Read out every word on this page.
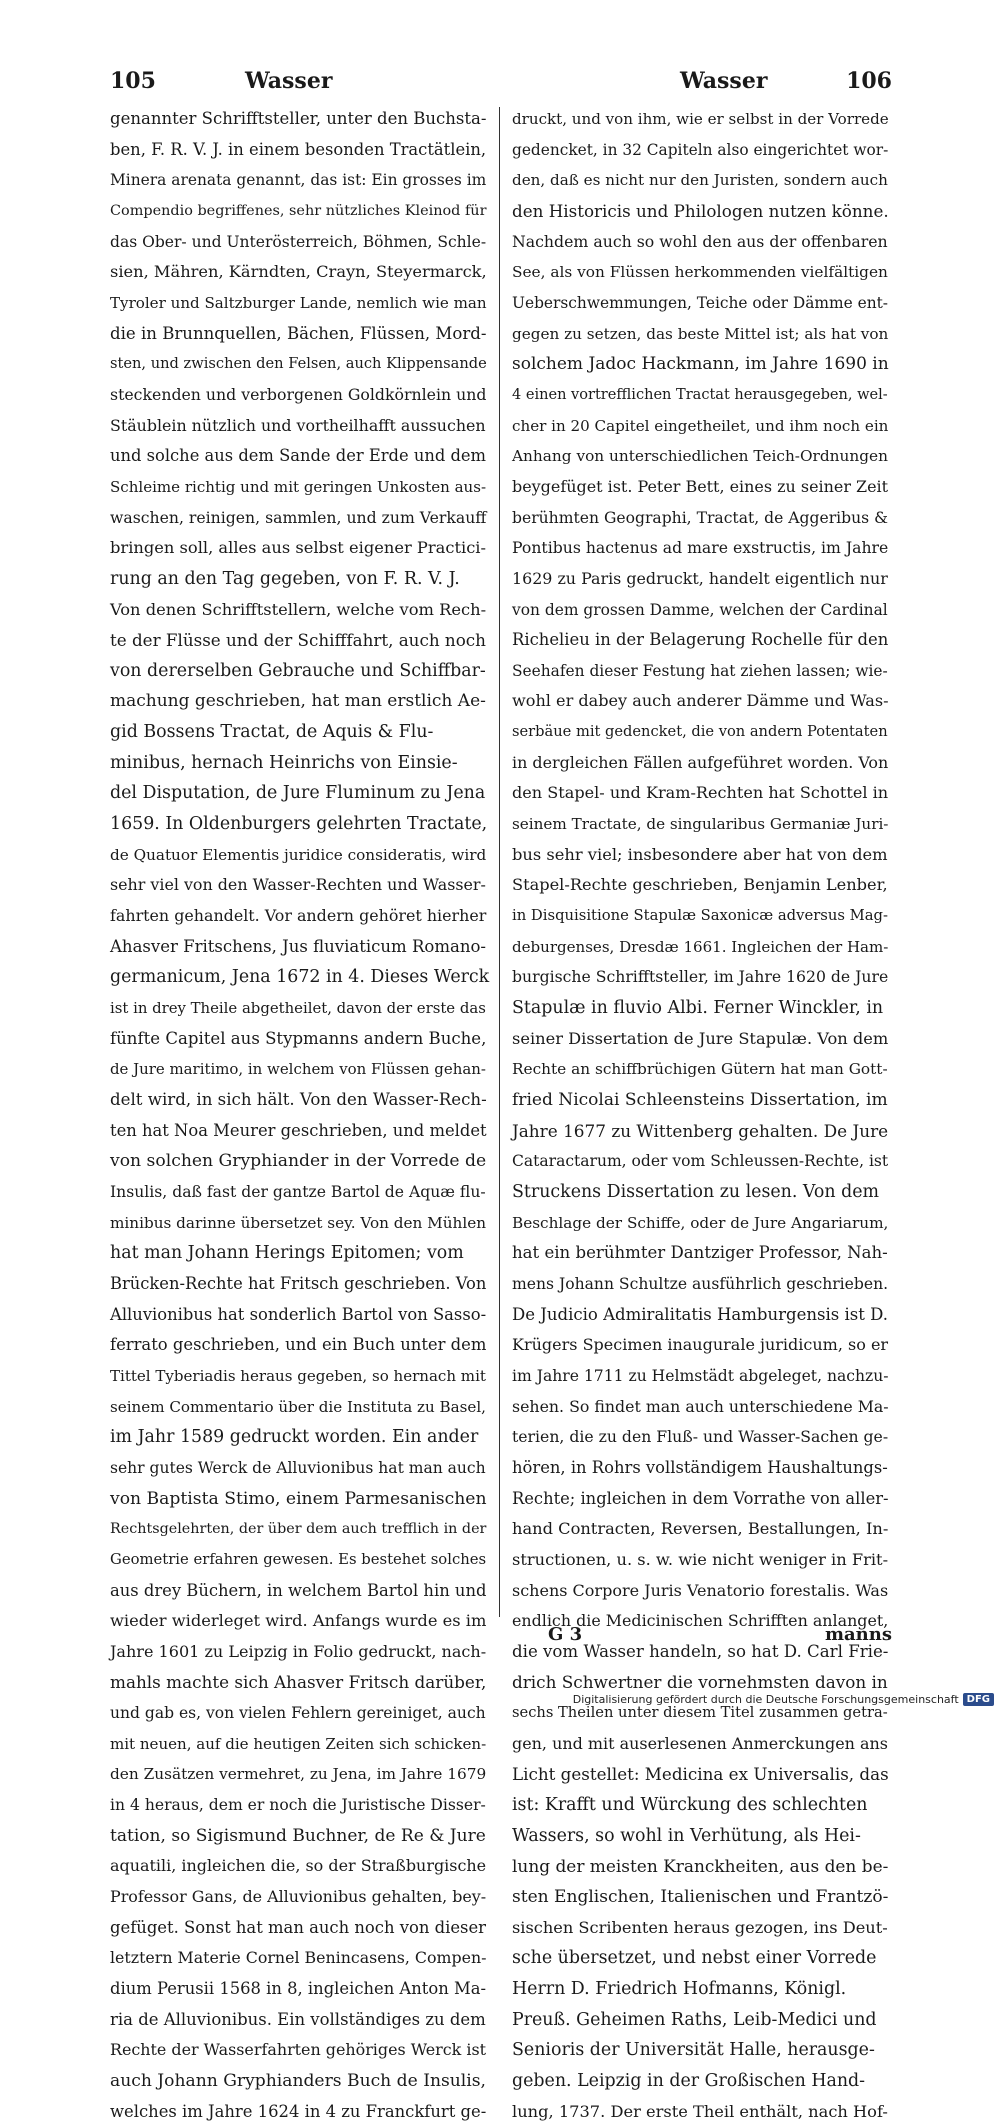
105	Wasser	Wasser	106
genannter Schrifftsteller, unter den Buchsta-
ben, F. R. V. J. in einem besonden Tractätlein,
Minera arenata genannt, das ist: Ein grosses im
Compendio begriffenes, sehr nützliches Kleinod für
das Ober- und Unterösterreich, Böhmen, Schle-
sien, Mähren, Kärndten, Crayn, Steyermarck,
Tyroler und Saltzburger Lande, nemlich wie man
die in Brunnquellen, Bächen, Flüssen, Mord-
sten, und zwischen den Felsen, auch Klippensande
steckenden und verborgenen Goldkörnlein und
Stäublein nützlich und vortheilhafft aussuchen
und solche aus dem Sande der Erde und dem
Schleime richtig und mit geringen Unkosten aus-
waschen, reinigen, sammlen, und zum Verkauff
bringen soll, alles aus selbst eigener Practici-
rung an den Tag gegeben, von F. R. V. J.
Von denen Schrifftstellern, welche vom Rech-
te der Flüsse und der Schifffahrt, auch noch
von dererselben Gebrauche und Schiffbar-
machung geschrieben, hat man erstlich Ae-
gid Bossens Tractat, de Aquis & Flu-
minibus, hernach Heinrichs von Einsie-
del Disputation, de Jure Fluminum zu Jena
1659. In Oldenburgers gelehrten Tractate,
de Quatuor Elementis juridice consideratis, wird
sehr viel von den Wasser-Rechten und Wasser-
fahrten gehandelt. Vor andern gehöret hierher
Ahasver Fritschens, Jus fluviaticum Romano-
germanicum, Jena 1672 in 4. Dieses Werck
ist in drey Theile abgetheilet, davon der erste das
fünfte Capitel aus Stypmanns andern Buche,
de Jure maritimo, in welchem von Flüssen gehan-
delt wird, in sich hält. Von den Wasser-Rech-
ten hat Noa Meurer geschrieben, und meldet
von solchen Gryphiander in der Vorrede de
Insulis, daß fast der gantze Bartol de Aquæ flu-
minibus darinne übersetzet sey. Von den Mühlen
hat man Johann Herings Epitomen; vom
Brücken-Rechte hat Fritsch geschrieben. Von
Alluvionibus hat sonderlich Bartol von Sasso-
ferrato geschrieben, und ein Buch unter dem
Tittel Tyberiadis heraus gegeben, so hernach mit
seinem Commentario über die Instituta zu Basel,
im Jahr 1589 gedruckt worden. Ein ander
sehr gutes Werck de Alluvionibus hat man auch
von Baptista Stimo, einem Parmesanischen
Rechtsgelehrten, der über dem auch trefflich in der
Geometrie erfahren gewesen. Es bestehet solches
aus drey Büchern, in welchem Bartol hin und
wieder widerleget wird. Anfangs wurde es im
Jahre 1601 zu Leipzig in Folio gedruckt, nach-
mahls machte sich Ahasver Fritsch darüber,
und gab es, von vielen Fehlern gereiniget, auch
mit neuen, auf die heutigen Zeiten sich schicken-
den Zusätzen vermehret, zu Jena, im Jahre 1679
in 4 heraus, dem er noch die Juristische Disser-
tation, so Sigismund Buchner, de Re & Jure
aquatili, ingleichen die, so der Straßburgische
Professor Gans, de Alluvionibus gehalten, bey-
gefüget. Sonst hat man auch noch von dieser
letztern Materie Cornel Benincasens, Compen-
dium Perusii 1568 in 8, ingleichen Anton Ma-
ria de Alluvionibus. Ein vollständiges zu dem
Rechte der Wasserfahrten gehöriges Werck ist
auch Johann Gryphianders Buch de Insulis,
welches im Jahre 1624 in 4 zu Franckfurt ge-
druckt, und von ihm, wie er selbst in der Vorrede
gedencket, in 32 Capiteln also eingerichtet wor-
den, daß es nicht nur den Juristen, sondern auch
den Historicis und Philologen nutzen könne.
Nachdem auch so wohl den aus der offenbaren
See, als von Flüssen herkommenden vielfältigen
Ueberschwemmungen, Teiche oder Dämme ent-
gegen zu setzen, das beste Mittel ist; als hat von
solchem Jadoc Hackmann, im Jahre 1690 in
4 einen vortrefflichen Tractat herausgegeben, wel-
cher in 20 Capitel eingetheilet, und ihm noch ein
Anhang von unterschiedlichen Teich-Ordnungen
beygefüget ist. Peter Bett, eines zu seiner Zeit
berühmten Geographi, Tractat, de Aggeribus &
Pontibus hactenus ad mare exstructis, im Jahre
1629 zu Paris gedruckt, handelt eigentlich nur
von dem grossen Damme, welchen der Cardinal
Richelieu in der Belagerung Rochelle für den
Seehafen dieser Festung hat ziehen lassen; wie-
wohl er dabey auch anderer Dämme und Was-
serbäue mit gedencket, die von andern Potentaten
in dergleichen Fällen aufgeführet worden. Von
den Stapel- und Kram-Rechten hat Schottel in
seinem Tractate, de singularibus Germaniæ Juri-
bus sehr viel; insbesondere aber hat von dem
Stapel-Rechte geschrieben, Benjamin Lenber,
in Disquisitione Stapulæ Saxonicæ adversus Mag-
deburgenses, Dresdæ 1661. Ingleichen der Ham-
burgische Schrifftsteller, im Jahre 1620 de Jure
Stapulæ in fluvio Albi. Ferner Winckler, in
seiner Dissertation de Jure Stapulæ. Von dem
Rechte an schiffbrüchigen Gütern hat man Gott-
fried Nicolai Schleensteins Dissertation, im
Jahre 1677 zu Wittenberg gehalten. De Jure
Cataractarum, oder vom Schleussen-Rechte, ist
Struckens Dissertation zu lesen. Von dem
Beschlage der Schiffe, oder de Jure Angariarum,
hat ein berühmter Dantziger Professor, Nah-
mens Johann Schultze ausführlich geschrieben.
De Judicio Admiralitatis Hamburgensis ist D.
Krügers Specimen inaugurale juridicum, so er
im Jahre 1711 zu Helmstädt abgeleget, nachzu-
sehen. So findet man auch unterschiedene Ma-
terien, die zu den Fluß- und Wasser-Sachen ge-
hören, in Rohrs vollständigem Haushaltungs-
Rechte; ingleichen in dem Vorrathe von aller-
hand Contracten, Reversen, Bestallungen, In-
structionen, u. s. w. wie nicht weniger in Frit-
schens Corpore Juris Venatorio forestalis. Was
endlich die Medicinischen Schrifften anlanget,
die vom Wasser handeln, so hat D. Carl Frie-
drich Schwertner die vornehmsten davon in
sechs Theilen unter diesem Titel zusammen getra-
gen, und mit auserlesenen Anmerckungen ans
Licht gestellet: Medicina ex Universalis, das
ist: Krafft und Würckung des schlechten
Wassers, so wohl in Verhütung, als Hei-
lung der meisten Kranckheiten, aus den be-
sten Englischen, Italienischen und Frantzö-
sischen Scribenten heraus gezogen, ins Deut-
sche übersetzet, und nebst einer Vorrede
Herrn D. Friedrich Hofmanns, Königl.
Preuß. Geheimen Raths, Leib-Medici und
Senioris der Universität Halle, herausge-
geben. Leipzig in der Großischen Hand-
lung, 1737. Der erste Theil enthält, nach Hof-
G 3	manns
Digitalisierung gefördert durch die Deutsche Forschungsgemeinschaft DFG
